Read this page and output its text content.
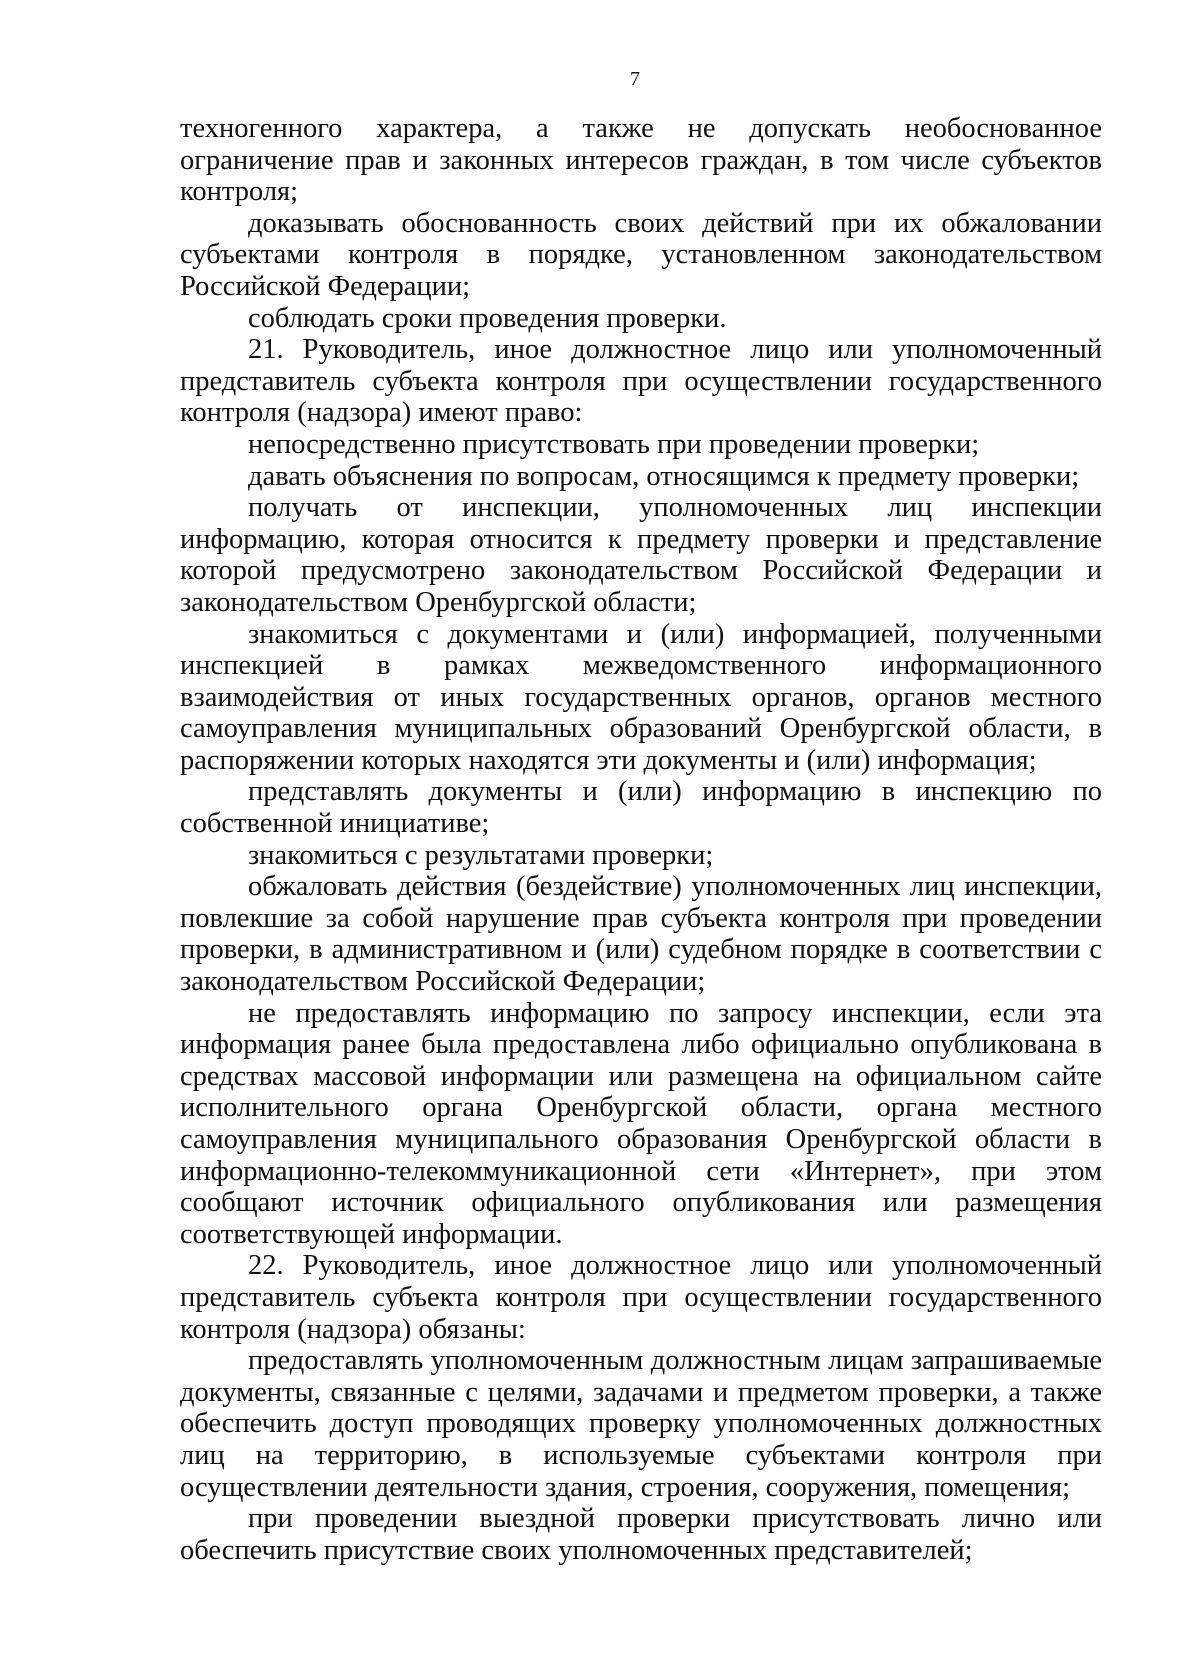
7

техногенного характера, а также не допускать необоснованное ограничение прав и законных интересов граждан, в том числе субъектов контроля;

доказывать обоснованность своих действий при их обжаловании субъектами контроля в порядке, установленном законодательством Российской Федерации;

соблюдать сроки проведения проверки.

21. Руководитель, иное должностное лицо или уполномоченный представитель субъекта контроля при осуществлении государственного контроля (надзора) имеют право:

непосредственно присутствовать при проведении проверки;

давать объяснения по вопросам, относящимся к предмету проверки;

получать от инспекции, уполномоченных лиц инспекции информацию, которая относится к предмету проверки и представление которой предусмотрено законодательством Российской Федерации и законодательством Оренбургской области;

знакомиться с документами и (или) информацией, полученными инспекцией в рамках межведомственного информационного взаимодействия от иных государственных органов, органов местного самоуправления муниципальных образований Оренбургской области, в распоряжении которых находятся эти документы и (или) информация;

представлять документы и (или) информацию в инспекцию по собственной инициативе;

знакомиться с результатами проверки;

обжаловать действия (бездействие) уполномоченных лиц инспекции, повлекшие за собой нарушение прав субъекта контроля при проведении проверки, в административном и (или) судебном порядке в соответствии с законодательством Российской Федерации;

не предоставлять информацию по запросу инспекции, если эта информация ранее была предоставлена либо официально опубликована в средствах массовой информации или размещена на официальном сайте исполнительного органа Оренбургской области, органа местного самоуправления муниципального образования Оренбургской области в информационно-телекоммуникационной сети «Интернет», при этом сообщают источник официального опубликования или размещения соответствующей информации.

22. Руководитель, иное должностное лицо или уполномоченный представитель субъекта контроля при осуществлении государственного контроля (надзора) обязаны:

предоставлять уполномоченным должностным лицам запрашиваемые документы, связанные с целями, задачами и предметом проверки, а также обеспечить доступ проводящих проверку уполномоченных должностных лиц на территорию, в используемые субъектами контроля при осуществлении деятельности здания, строения, сооружения, помещения;

при проведении выездной проверки присутствовать лично или обеспечить присутствие своих уполномоченных представителей;
